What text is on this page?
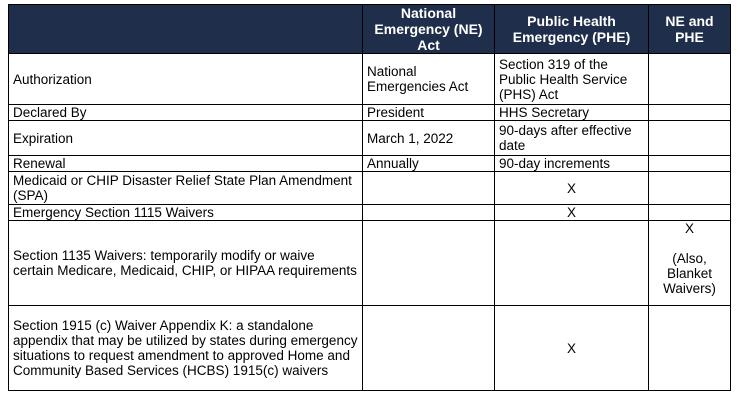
	National Emergency (NE) Act	Public Health Emergency (PHE)	NE and PHE
Authorization	National Emergencies Act	Section 319 of the Public Health Service (PHS) Act	
Declared By	President	HHS Secretary	
Expiration	March 1, 2022	90-days after effective date	
Renewal	Annually	90-day increments	
Medicaid or CHIP Disaster Relief State Plan Amendment (SPA)		X	
Emergency Section 1115 Waivers		X	
Section 1135 Waivers: temporarily modify or waive certain Medicare, Medicaid, CHIP, or HIPAA requirements			X

(Also, Blanket Waivers)
Section 1915 (c) Waiver Appendix K: a standalone appendix that may be utilized by states during emergency situations to request amendment to approved Home and Community Based Services (HCBS) 1915(c) waivers		X	
